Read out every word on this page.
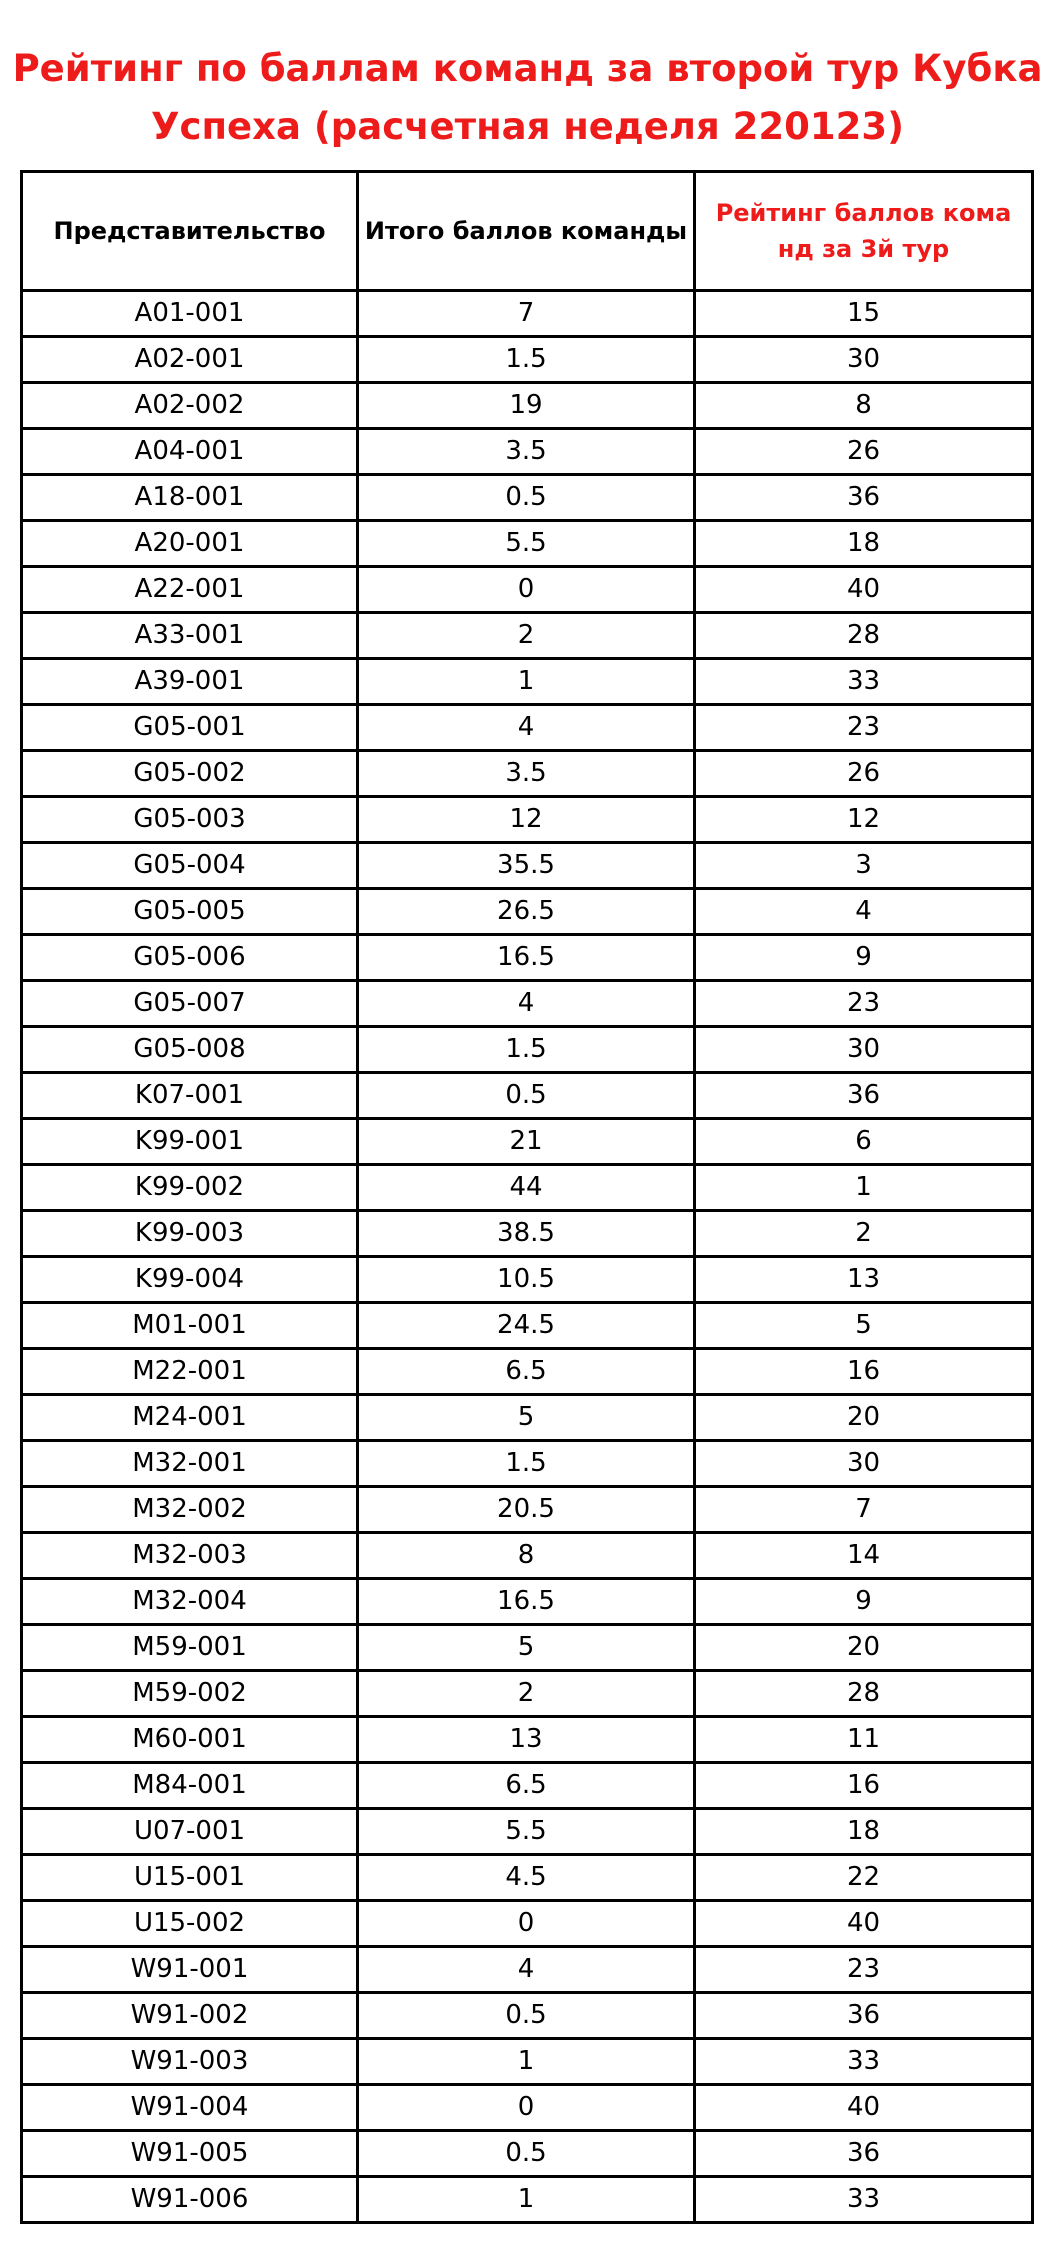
Рейтинг по баллам команд за второй тур Кубка
Успеха (расчетная неделя 220123)
Представительство	Итого баллов команды	Рейтинг баллов кома
нд за 3й тур

A01-001	7	15
A02-001	1.5	30
A02-002	19	8
A04-001	3.5	26
A18-001	0.5	36
A20-001	5.5	18
A22-001	0	40
A33-001	2	28
A39-001	1	33
G05-001	4	23
G05-002	3.5	26
G05-003	12	12
G05-004	35.5	3
G05-005	26.5	4
G05-006	16.5	9
G05-007	4	23
G05-008	1.5	30
K07-001	0.5	36
K99-001	21	6
K99-002	44	1
K99-003	38.5	2
K99-004	10.5	13
M01-001	24.5	5
M22-001	6.5	16
M24-001	5	20
M32-001	1.5	30
M32-002	20.5	7
M32-003	8	14
M32-004	16.5	9
M59-001	5	20
M59-002	2	28
M60-001	13	11
M84-001	6.5	16
U07-001	5.5	18
U15-001	4.5	22
U15-002	0	40
W91-001	4	23
W91-002	0.5	36
W91-003	1	33
W91-004	0	40
W91-005	0.5	36
W91-006	1	33
